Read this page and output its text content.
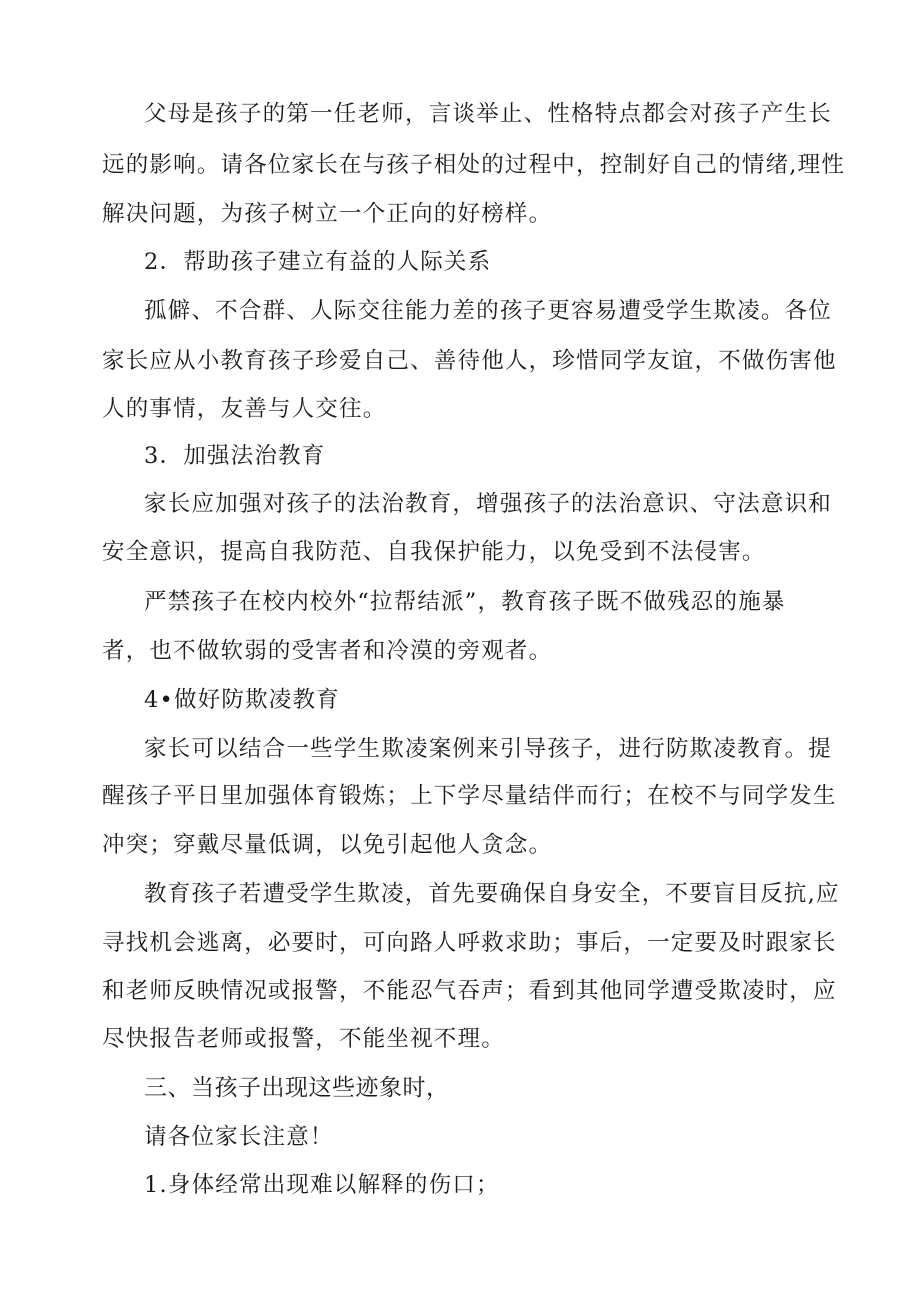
父母是孩子的第一任老师，言谈举止、性格特点都会对孩子产生长
远的影响。请各位家长在与孩子相处的过程中，控制好自己的情绪,理性
解决问题，为孩子树立一个正向的好榜样。
2．帮助孩子建立有益的人际关系
孤僻、不合群、人际交往能力差的孩子更容易遭受学生欺凌。各位
家长应从小教育孩子珍爱自己、善待他人，珍惜同学友谊，不做伤害他
人的事情，友善与人交往。
3．加强法治教育
家长应加强对孩子的法治教育，增强孩子的法治意识、守法意识和
安全意识，提高自我防范、自我保护能力，以免受到不法侵害。
严禁孩子在校内校外“拉帮结派”，教育孩子既不做残忍的施暴
者，也不做软弱的受害者和冷漠的旁观者。
4•做好防欺凌教育
家长可以结合一些学生欺凌案例来引导孩子，进行防欺凌教育。提
醒孩子平日里加强体育锻炼；上下学尽量结伴而行；在校不与同学发生
冲突；穿戴尽量低调，以免引起他人贪念。
教育孩子若遭受学生欺凌，首先要确保自身安全，不要盲目反抗,应
寻找机会逃离，必要时，可向路人呼救求助；事后，一定要及时跟家长
和老师反映情况或报警，不能忍气吞声；看到其他同学遭受欺凌时，应
尽快报告老师或报警，不能坐视不理。
三、当孩子出现这些迹象时，
请各位家长注意！
1.身体经常出现难以解释的伤口；
